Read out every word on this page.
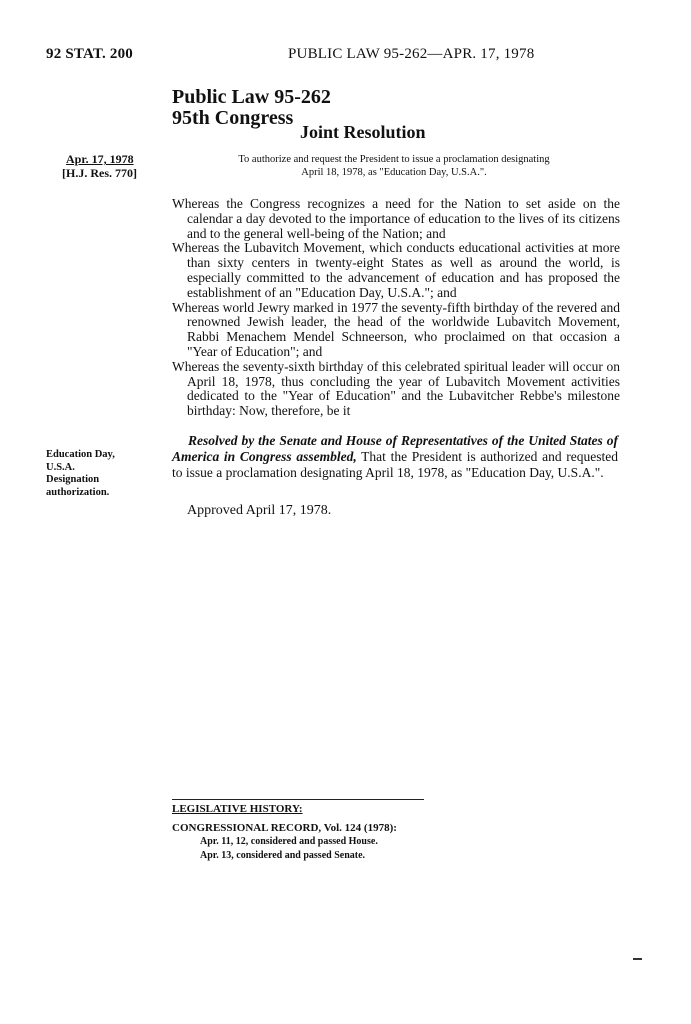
92 STAT. 200	PUBLIC LAW 95-262—APR. 17, 1978
Public Law 95-262
95th Congress
Joint Resolution
Apr. 17, 1978
[H.J. Res. 770]
To authorize and request the President to issue a proclamation designating
April 18, 1978, as "Education Day, U.S.A.".

Whereas the Congress recognizes a need for the Nation to set aside on the calendar a day devoted to the importance of education to the lives of its citizens and to the general well-being of the Nation; and

Whereas the Lubavitch Movement, which conducts educational activities at more than sixty centers in twenty-eight States as well as around the world, is especially committed to the advancement of education and has proposed the establishment of an "Education Day, U.S.A."; and

Whereas world Jewry marked in 1977 the seventy-fifth birthday of the revered and renowned Jewish leader, the head of the worldwide Lubavitch Movement, Rabbi Menachem Mendel Schneerson, who proclaimed on that occasion a "Year of Education"; and

Whereas the seventy-sixth birthday of this celebrated spiritual leader will occur on April 18, 1978, thus concluding the year of Lubavitch Movement activities dedicated to the "Year of Education" and the Lubavitcher Rebbe's milestone birthday: Now, therefore, be it

Resolved by the Senate and House of Representatives of the United States of America in Congress assembled, That the President is authorized and requested to issue a proclamation designating April 18, 1978, as "Education Day, U.S.A.".

Education Day,
U.S.A.
Designation
authorization.
Approved April 17, 1978.
LEGISLATIVE HISTORY:
CONGRESSIONAL RECORD, Vol. 124 (1978):
Apr. 11, 12, considered and passed House.
Apr. 13, considered and passed Senate.
